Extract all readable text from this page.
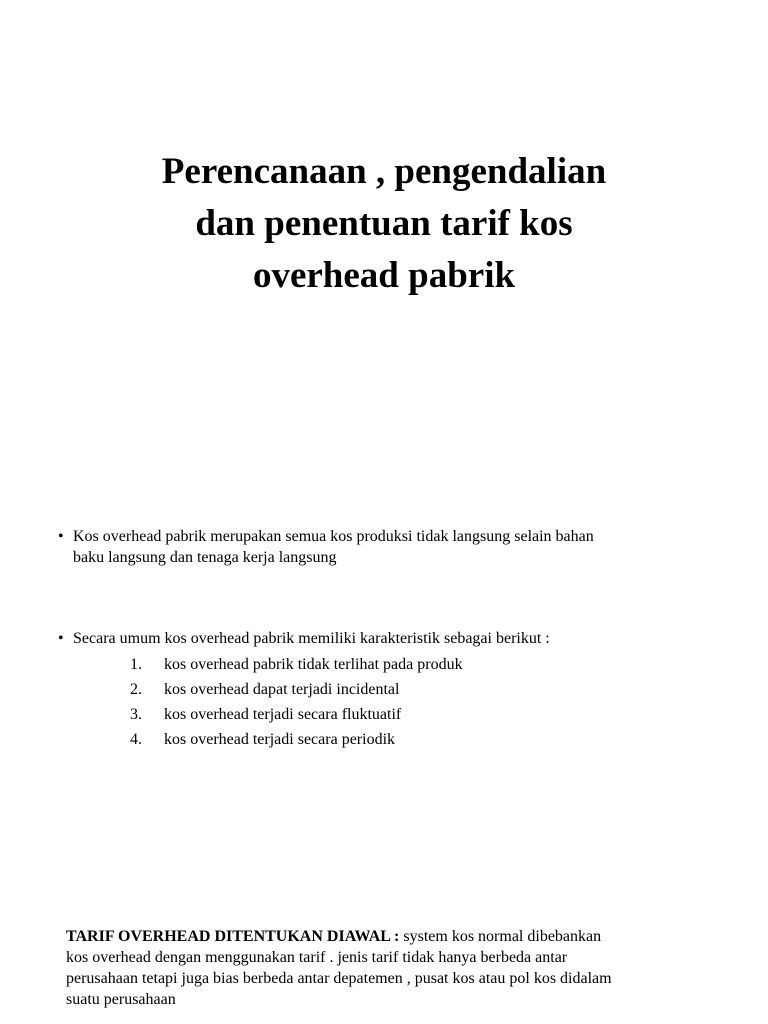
Perencanaan , pengendalian
dan penentuan tarif kos
overhead pabrik
• Kos overhead pabrik merupakan semua kos produksi tidak langsung selain bahan
baku langsung dan tenaga kerja langsung
• Secara umum kos overhead pabrik memiliki karakteristik sebagai berikut :
1. kos overhead pabrik tidak terlihat pada produk
2. kos overhead dapat terjadi incidental
3. kos overhead terjadi secara fluktuatif
4. kos overhead terjadi secara periodik
TARIF OVERHEAD DITENTUKAN DIAWAL : system kos normal dibebankan
kos overhead dengan menggunakan tarif . jenis tarif tidak hanya berbeda antar
perusahaan tetapi juga bias berbeda antar depatemen , pusat kos atau pol kos didalam
suatu perusahaan
